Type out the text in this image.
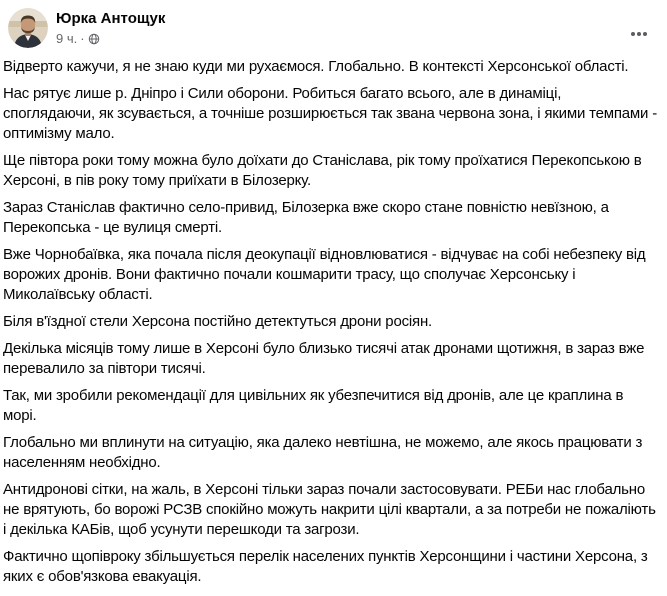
Юрка Антощук
9 ч. ·

Відверто кажучи, я не знаю куди ми рухаємося. Глобально. В контексті Херсонської області.

Нас рятує лише р. Дніпро і Сили оборони. Робиться багато всього, але в динаміці, споглядаючи, як зсувається, а точніше розширюється так звана червона зона, і якими темпами - оптимізму мало.

Ще півтора роки тому можна було доїхати до Станіслава, рік тому проїхатися Перекопською в Херсоні, в пів року тому приїхати в Білозерку.

Зараз Станіслав фактично село-привид, Білозерка вже скоро стане повністю невїзною, а Перекопська - це вулиця смерті.

Вже Чорнобаївка, яка почала після деокупації відновлюватися - відчуває на собі небезпеку від ворожих дронів. Вони фактично почали кошмарити трасу, що сполучає Херсонську і Миколаївську області.

Біля в'їздної стели Херсона постійно детектуться дрони росіян.

Декілька місяців тому лише в Херсоні було близько тисячі атак дронами щотижня, в зараз вже перевалило за півтори тисячі.

Так, ми зробили рекомендації для цивільних як убезпечитися від дронів, але це краплина в морі.

Глобально ми вплинути на ситуацію, яка далеко невтішна, не можемо, але якось працювати з населенням необхідно.

Антидронові сітки, на жаль, в Херсоні тільки зараз почали застосовувати. РЕБи нас глобально не врятують, бо ворожі РСЗВ спокійно можуть накрити цілі квартали, а за потреби не пожаліють і декілька КАБів, щоб усунути перешкоди та загрози.

Фактично щопівроку збільшується перелік населених пунктів Херсонщини і частини Херсона, з яких є обов'язкова евакуація.
